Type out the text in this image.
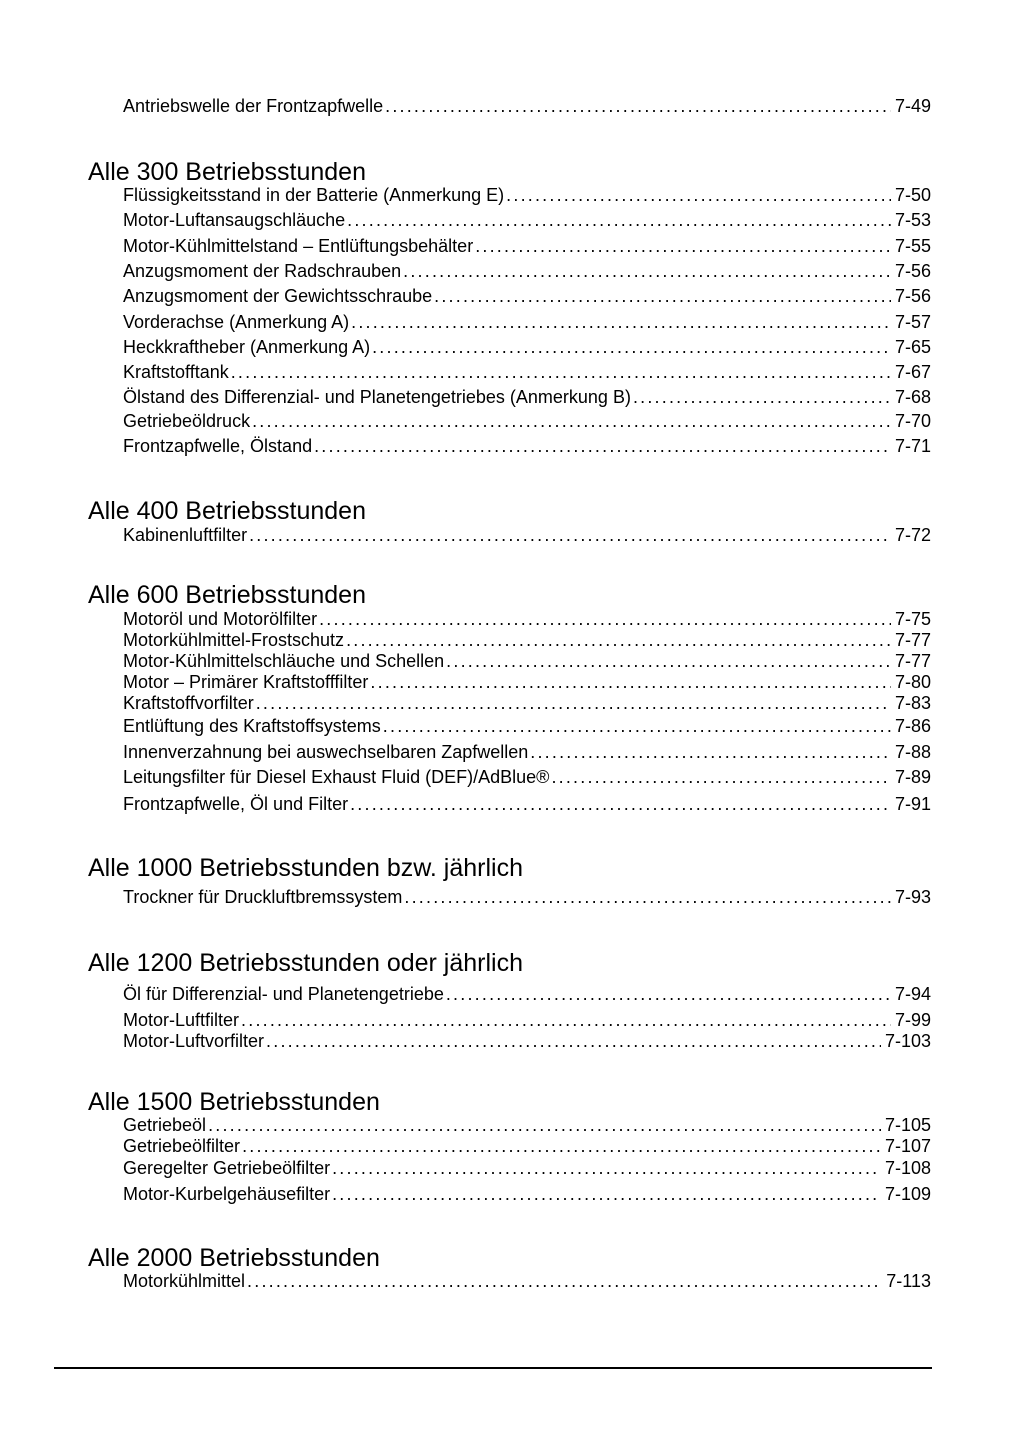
Antriebswelle der Frontzapfwelle .....	7-49
Alle 300 Betriebsstunden
Flüssigkeitsstand in der Batterie (Anmerkung E) .....	7-50
Motor-Luftansaugschläuche .....	7-53
Motor-Kühlmittelstand – Entlüftungsbehälter .....	7-55
Anzugsmoment der Radschrauben .....	7-56
Anzugsmoment der Gewichtsschraube .....	7-56
Vorderachse (Anmerkung A) .....	7-57
Heckkraftheber (Anmerkung A) .....	7-65
Kraftstofftank .....	7-67
Ölstand des Differenzial- und Planetengetriebes (Anmerkung B) .....	7-68
Getriebeöldruck .....	7-70
Frontzapfwelle, Ölstand .....	7-71
Alle 400 Betriebsstunden
Kabinenluftfilter .....	7-72
Alle 600 Betriebsstunden
Motoröl und Motorölfilter .....	7-75
Motorkühlmittel-Frostschutz .....	7-77
Motor-Kühlmittelschläuche und Schellen .....	7-77
Motor – Primärer Kraftstofffilter .....	7-80
Kraftstoffvorfilter .....	7-83
Entlüftung des Kraftstoffsystems .....	7-86
Innenverzahnung bei auswechselbaren Zapfwellen .....	7-88
Leitungsfilter für Diesel Exhaust Fluid (DEF)/AdBlue® .....	7-89
Frontzapfwelle, Öl und Filter .....	7-91
Alle 1000 Betriebsstunden bzw. jährlich
Trockner für Druckluftbremssystem .....	7-93
Alle 1200 Betriebsstunden oder jährlich
Öl für Differenzial- und Planetengetriebe .....	7-94
Motor-Luftfilter .....	7-99
Motor-Luftvorfilter .....	7-103
Alle 1500 Betriebsstunden
Getriebeöl .....	7-105
Getriebeölfilter .....	7-107
Geregelter Getriebeölfilter .....	7-108
Motor-Kurbelgehäusefilter .....	7-109
Alle 2000 Betriebsstunden
Motorkühlmittel .....	7-113
